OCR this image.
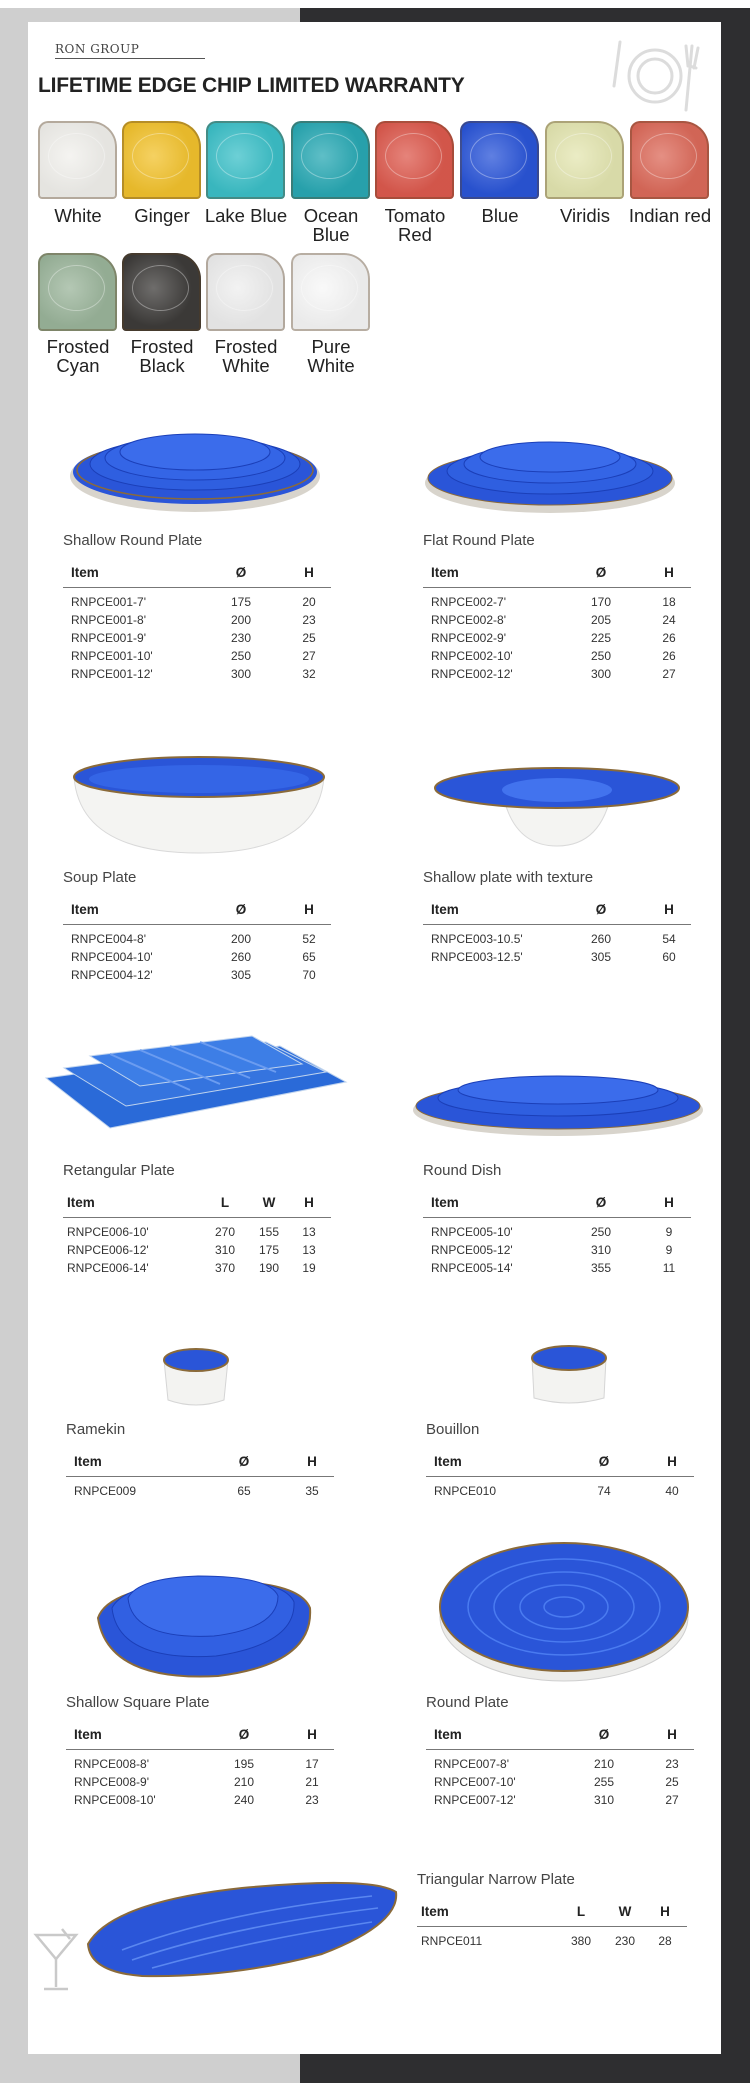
RON GROUP
LIFETIME EDGE CHIP LIMITED WARRANTY
White	Ginger Lake Blue Ocean Blue
Tomato Red
Blue	Viridis	Indian red
Frosted Cyan
Frosted Black
Frosted White
Pure White
Shallow Round Plate
Item	Ø	H
RNPCE001-7'	175	20
RNPCE001-8'	200	23
RNPCE001-9'	230	25
RNPCE001-10'	250	27
RNPCE001-12'	300	32
Flat Round Plate
Item	Ø	H
RNPCE002-7'	170	18
RNPCE002-8'	205	24
RNPCE002-9'	225	26
RNPCE002-10'	250	26
RNPCE002-12'	300	27
Soup Plate
Item	Ø	H
RNPCE004-8'	200	52
RNPCE004-10'	260	65
RNPCE004-12'	305	70
Shallow plate with texture
Item	Ø	H
RNPCE003-10.5'	260	54
RNPCE003-12.5'	305	60
Retangular Plate
Item	L	W	H
RNPCE006-10'	270	155	13
RNPCE006-12'	310	175	13
RNPCE006-14'	370	190	19
Round Dish
Item	Ø	H
RNPCE005-10'	250	9
RNPCE005-12'	310	9
RNPCE005-14'	355	11
Ramekin
Item	Ø	H
RNPCE009	65	35
Bouillon
Item	Ø	H
RNPCE010	74	40
Shallow Square Plate
Item	Ø	H
RNPCE008-8'	195	17
RNPCE008-9'	210	21
RNPCE008-10'	240	23
Round Plate
Item	Ø	H
RNPCE007-8'	210	23
RNPCE007-10'	255	25
RNPCE007-12'	310	27
Triangular Narrow Plate
Item	L	W	H
RNPCE011	380	230	28
